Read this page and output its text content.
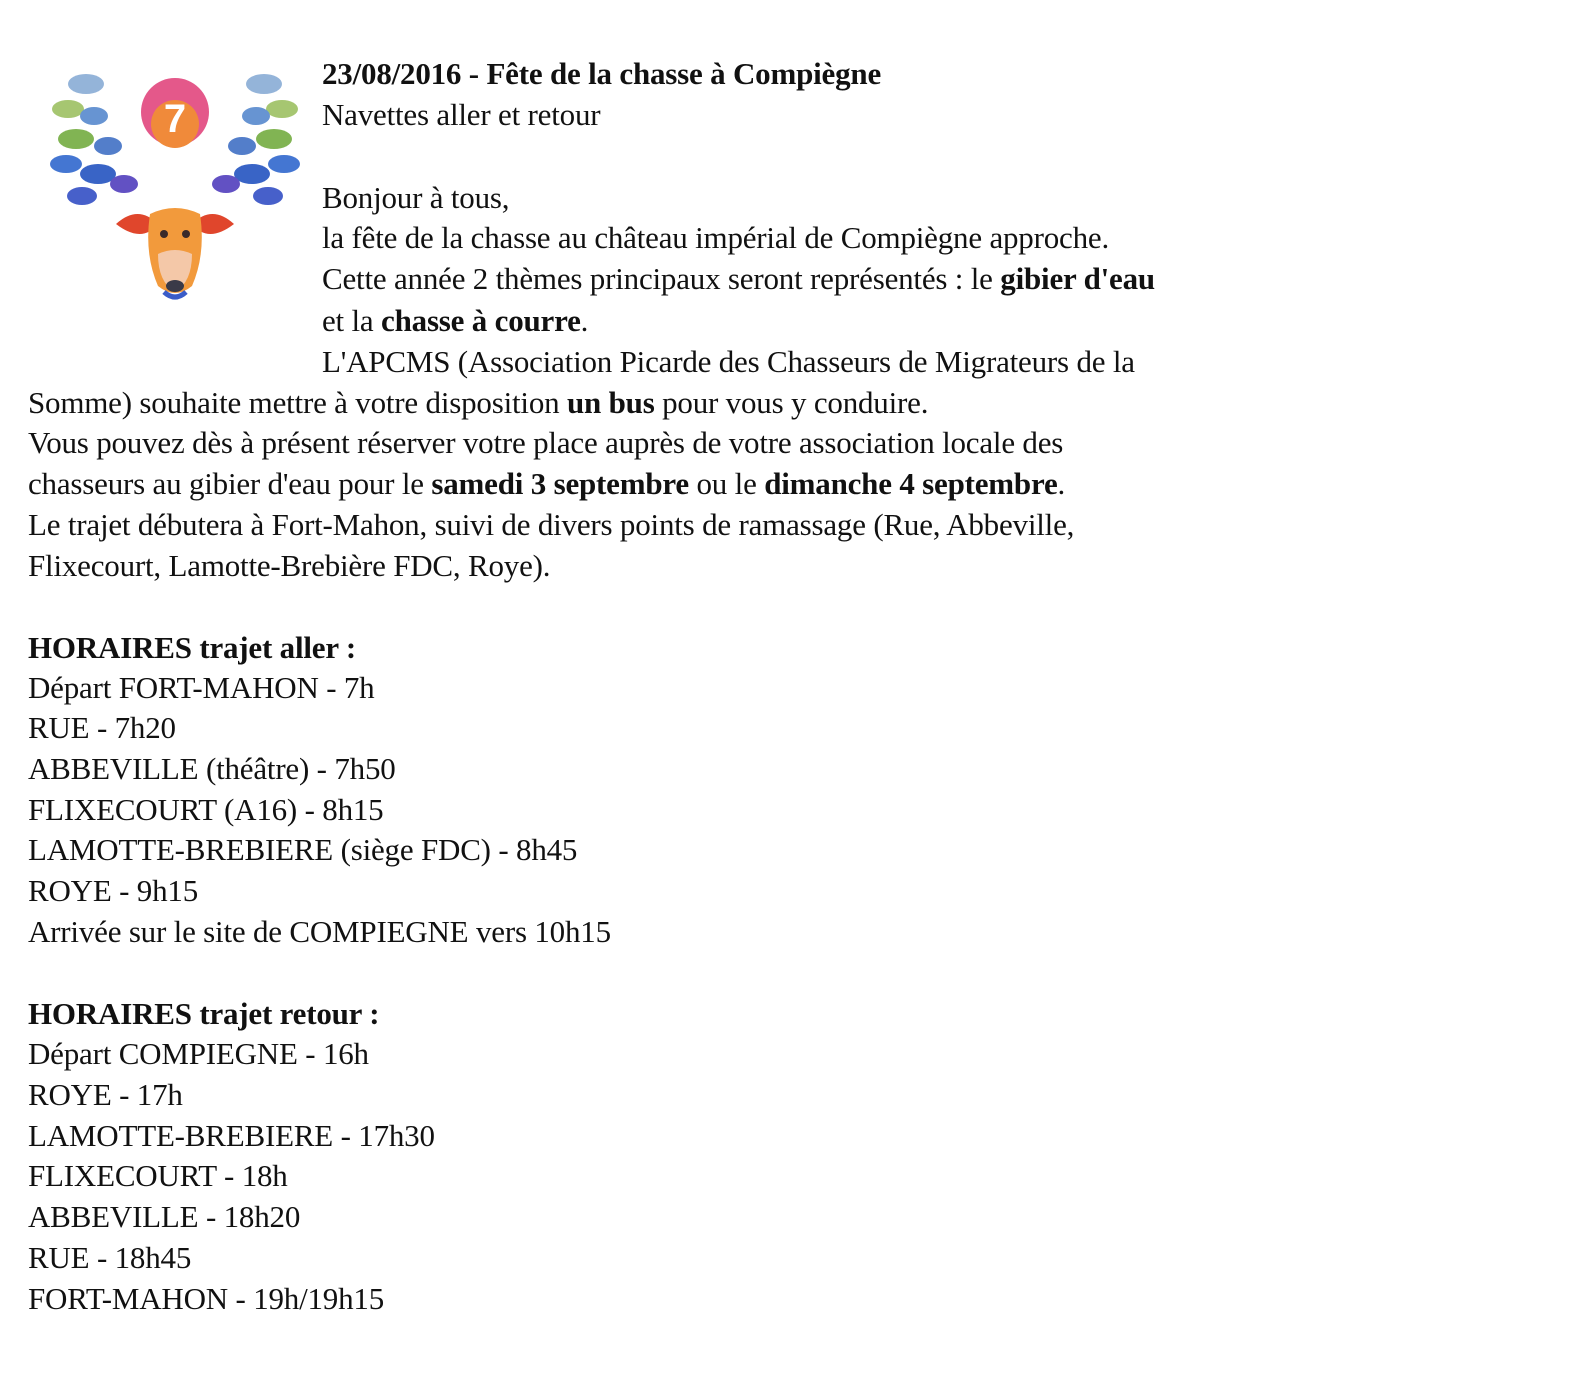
7
23/08/2016 - Fête de la chasse à Compiègne
Navettes aller et retour
Bonjour à tous,
la fête de la chasse au château impérial de Compiègne approche.
Cette année 2 thèmes principaux seront représentés : le gibier d'eau
et la chasse à courre.
L'APCMS (Association Picarde des Chasseurs de Migrateurs de la
Somme) souhaite mettre à votre disposition un bus pour vous y conduire.
Vous pouvez dès à présent réserver votre place auprès de votre association locale des
chasseurs au gibier d'eau pour le samedi 3 septembre ou le dimanche 4 septembre.
Le trajet débutera à Fort-Mahon, suivi de divers points de ramassage (Rue, Abbeville,
Flixecourt, Lamotte-Brebière FDC, Roye).
HORAIRES trajet aller :
Départ FORT-MAHON - 7h
RUE - 7h20
ABBEVILLE (théâtre) - 7h50
FLIXECOURT (A16) - 8h15
LAMOTTE-BREBIERE (siège FDC) - 8h45
ROYE - 9h15
Arrivée sur le site de COMPIEGNE vers 10h15
HORAIRES trajet retour :
Départ COMPIEGNE - 16h
ROYE - 17h
LAMOTTE-BREBIERE - 17h30
FLIXECOURT - 18h
ABBEVILLE - 18h20
RUE - 18h45
FORT-MAHON - 19h/19h15
